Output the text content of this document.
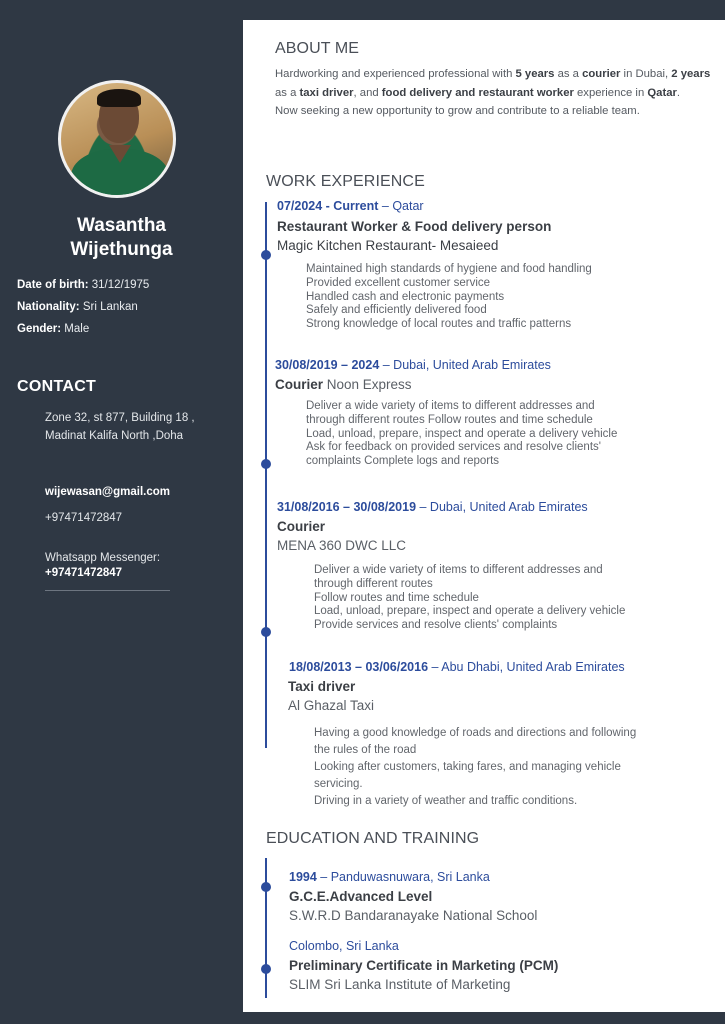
Wasantha
Wijethunga
Date of birth: 31/12/1975
Nationality: Sri Lankan
Gender: Male
CONTACT
Zone 32, st 877, Building 18 ,
Madinat Kalifa North ,Doha
wijewasan@gmail.com
+97471472847
Whatsapp Messenger:
+97471472847
ABOUT ME
Hardworking and experienced professional with 5 years as a courier in Dubai, 2 years as a taxi driver, and food delivery and restaurant worker experience in Qatar.
Now seeking a new opportunity to grow and contribute to a reliable team.
WORK EXPERIENCE
07/2024 - Current – Qatar
Restaurant Worker & Food delivery person
Magic Kitchen Restaurant- Mesaieed
Maintained high standards of hygiene and food handling
Provided excellent customer service
Handled cash and electronic payments
Safely and efficiently delivered food
Strong knowledge of local routes and traffic patterns
30/08/2019 – 2024 – Dubai, United Arab Emirates
Courier Noon Express
Deliver a wide variety of items to different addresses and
through different routes Follow routes and time schedule
Load, unload, prepare, inspect and operate a delivery vehicle
Ask for feedback on provided services and resolve clients'
complaints Complete logs and reports
31/08/2016 – 30/08/2019 – Dubai, United Arab Emirates
Courier
MENA 360 DWC LLC
Deliver a wide variety of items to different addresses and
through different routes
Follow routes and time schedule
Load, unload, prepare, inspect and operate a delivery vehicle
Provide services and resolve clients' complaints
18/08/2013 – 03/06/2016 – Abu Dhabi, United Arab Emirates
Taxi driver
Al Ghazal Taxi
Having a good knowledge of roads and directions and following
the rules of the road
Looking after customers, taking fares, and managing vehicle
servicing.
Driving in a variety of weather and traffic conditions.
EDUCATION AND TRAINING
1994 – Panduwasnuwara, Sri Lanka
G.C.E.Advanced Level
S.W.R.D Bandaranayake National School
Colombo, Sri Lanka
Preliminary Certificate in Marketing (PCM)
SLIM Sri Lanka Institute of Marketing
